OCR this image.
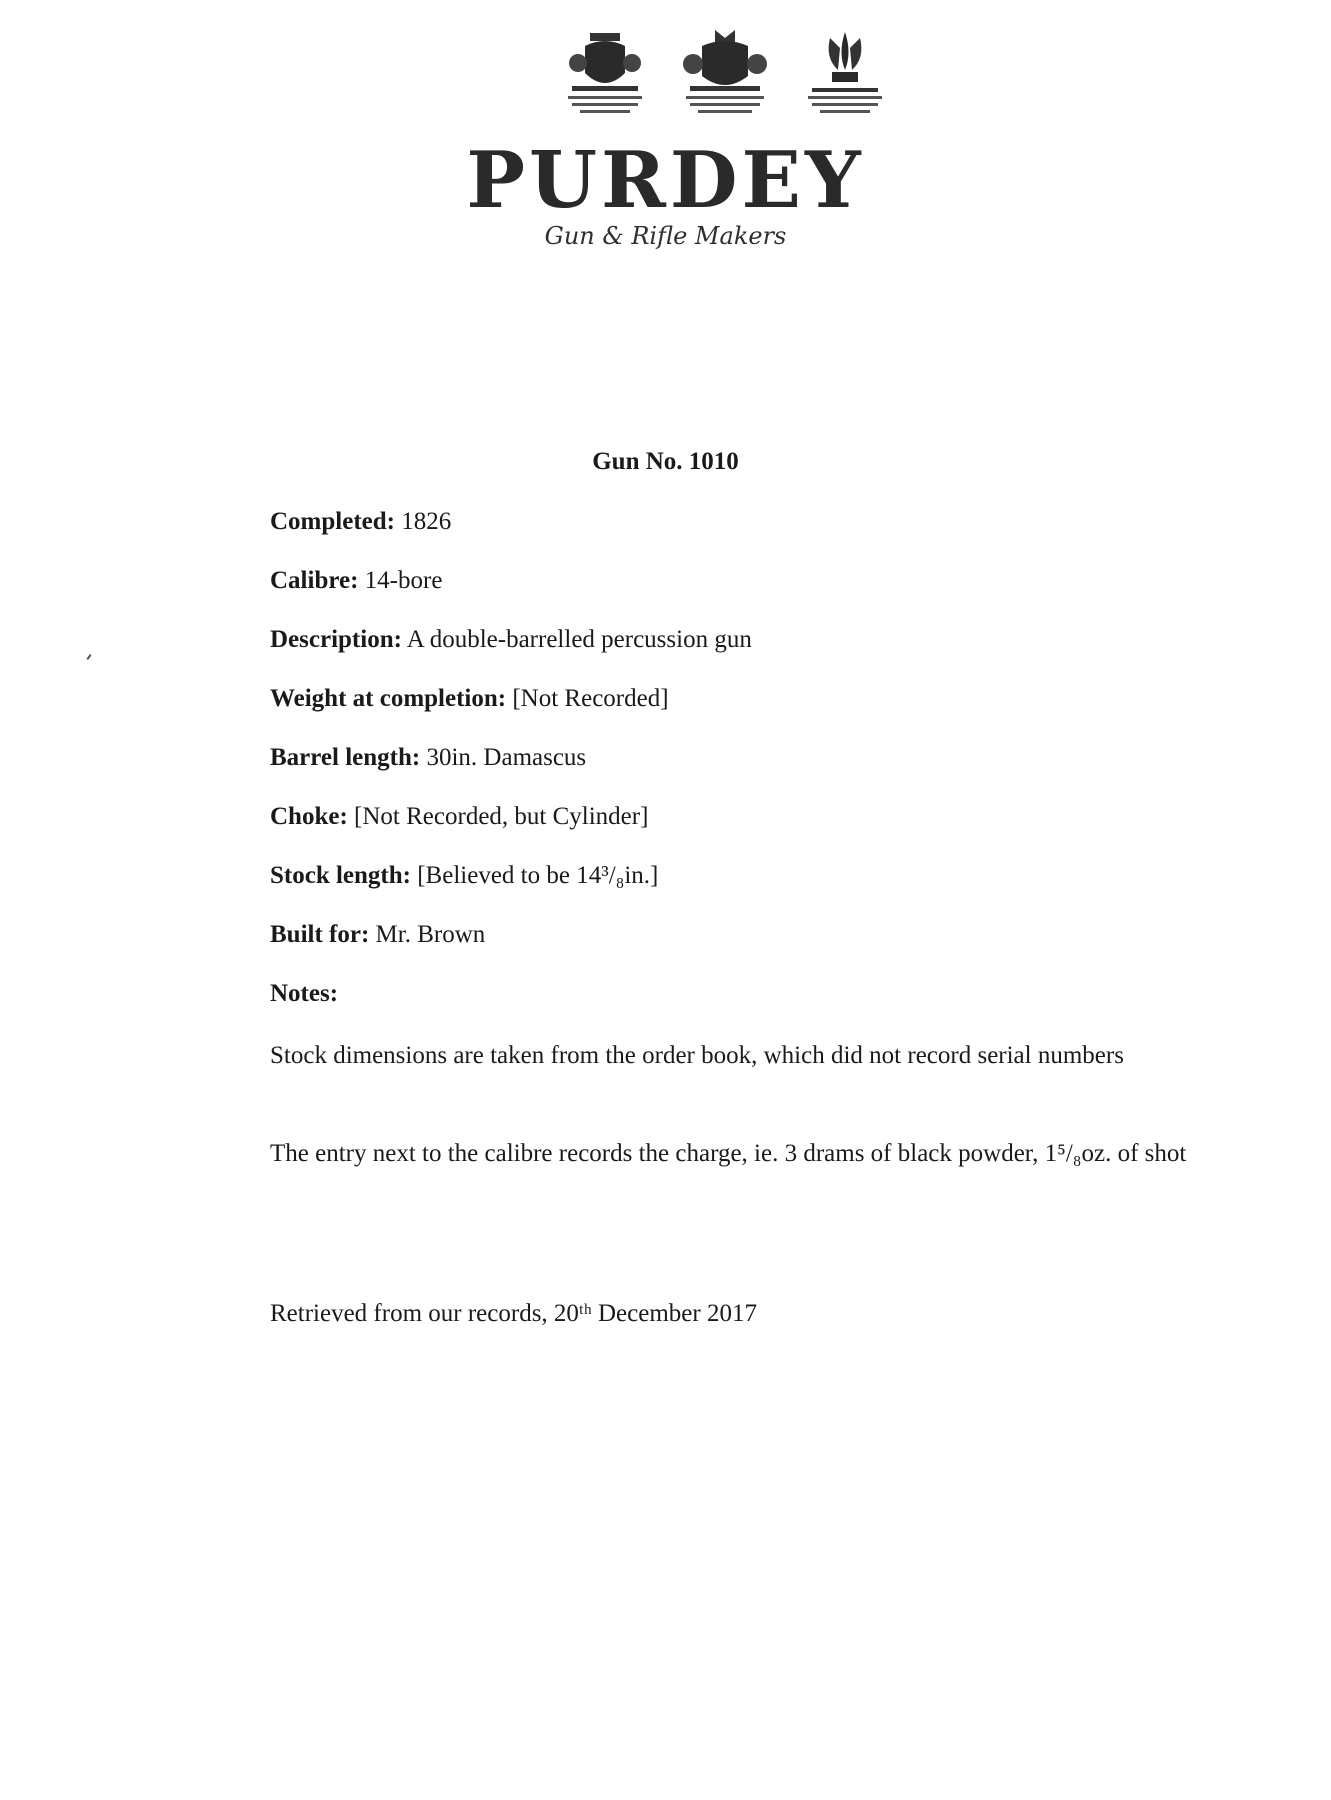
PURDEY
Gun & Rifle Makers
Gun No. 1010
Completed: 1826
Calibre: 14-bore
Description: A double-barrelled percussion gun
Weight at completion: [Not Recorded]
Barrel length: 30in. Damascus
Choke: [Not Recorded, but Cylinder]
Stock length: [Believed to be 14³/₈in.]
Built for: Mr. Brown
Notes:
Stock dimensions are taken from the order book, which did not record serial numbers
The entry next to the calibre records the charge, ie. 3 drams of black powder, 1⁵/₈oz. of shot
Retrieved from our records, 20ᵗʰ December 2017
